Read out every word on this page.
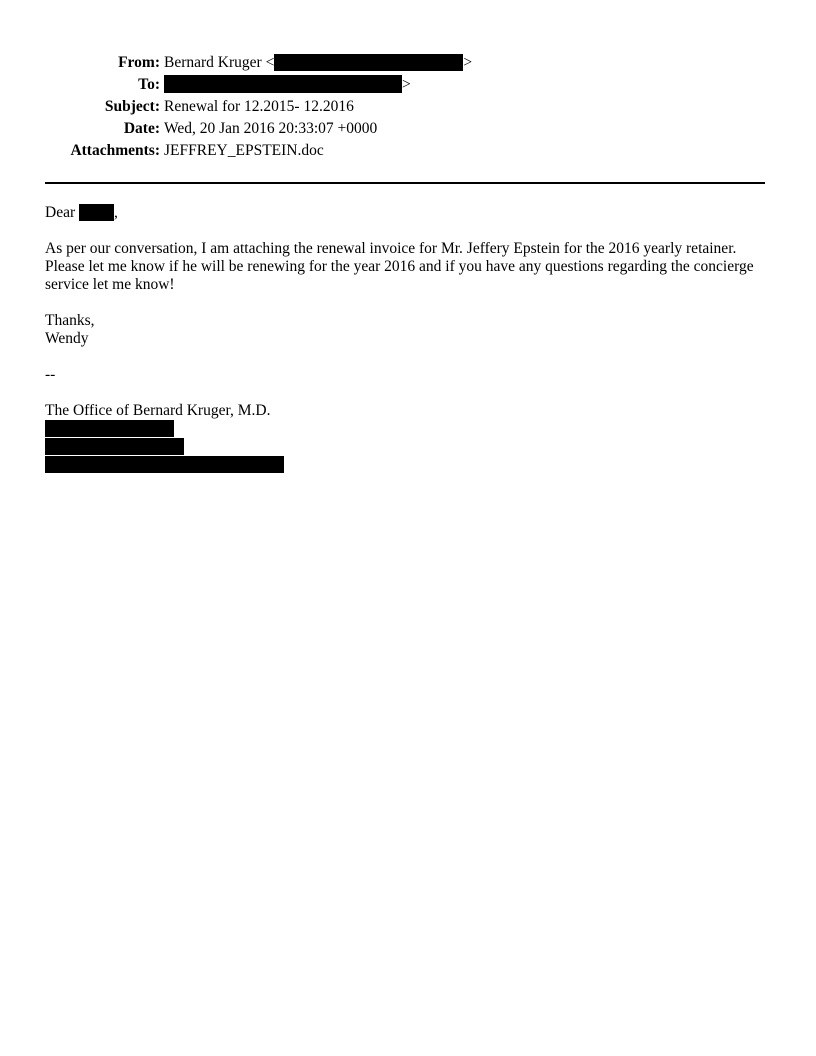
From: Bernard Kruger <	>
To:	>
Subject: Renewal for 12.2015- 12.2016
Date: Wed, 20 Jan 2016 20:33:07 +0000
Attachments: JEFFREY_EPSTEIN.doc

Dear	,

As per our conversation, I am attaching the renewal invoice for Mr. Jeffery Epstein for the 2016 yearly retainer. Please let me know if he will be renewing for the year 2016 and if you have any questions regarding the concierge service let me know!

Thanks,

Wendy

--

The Office of Bernard Kruger, M.D.
